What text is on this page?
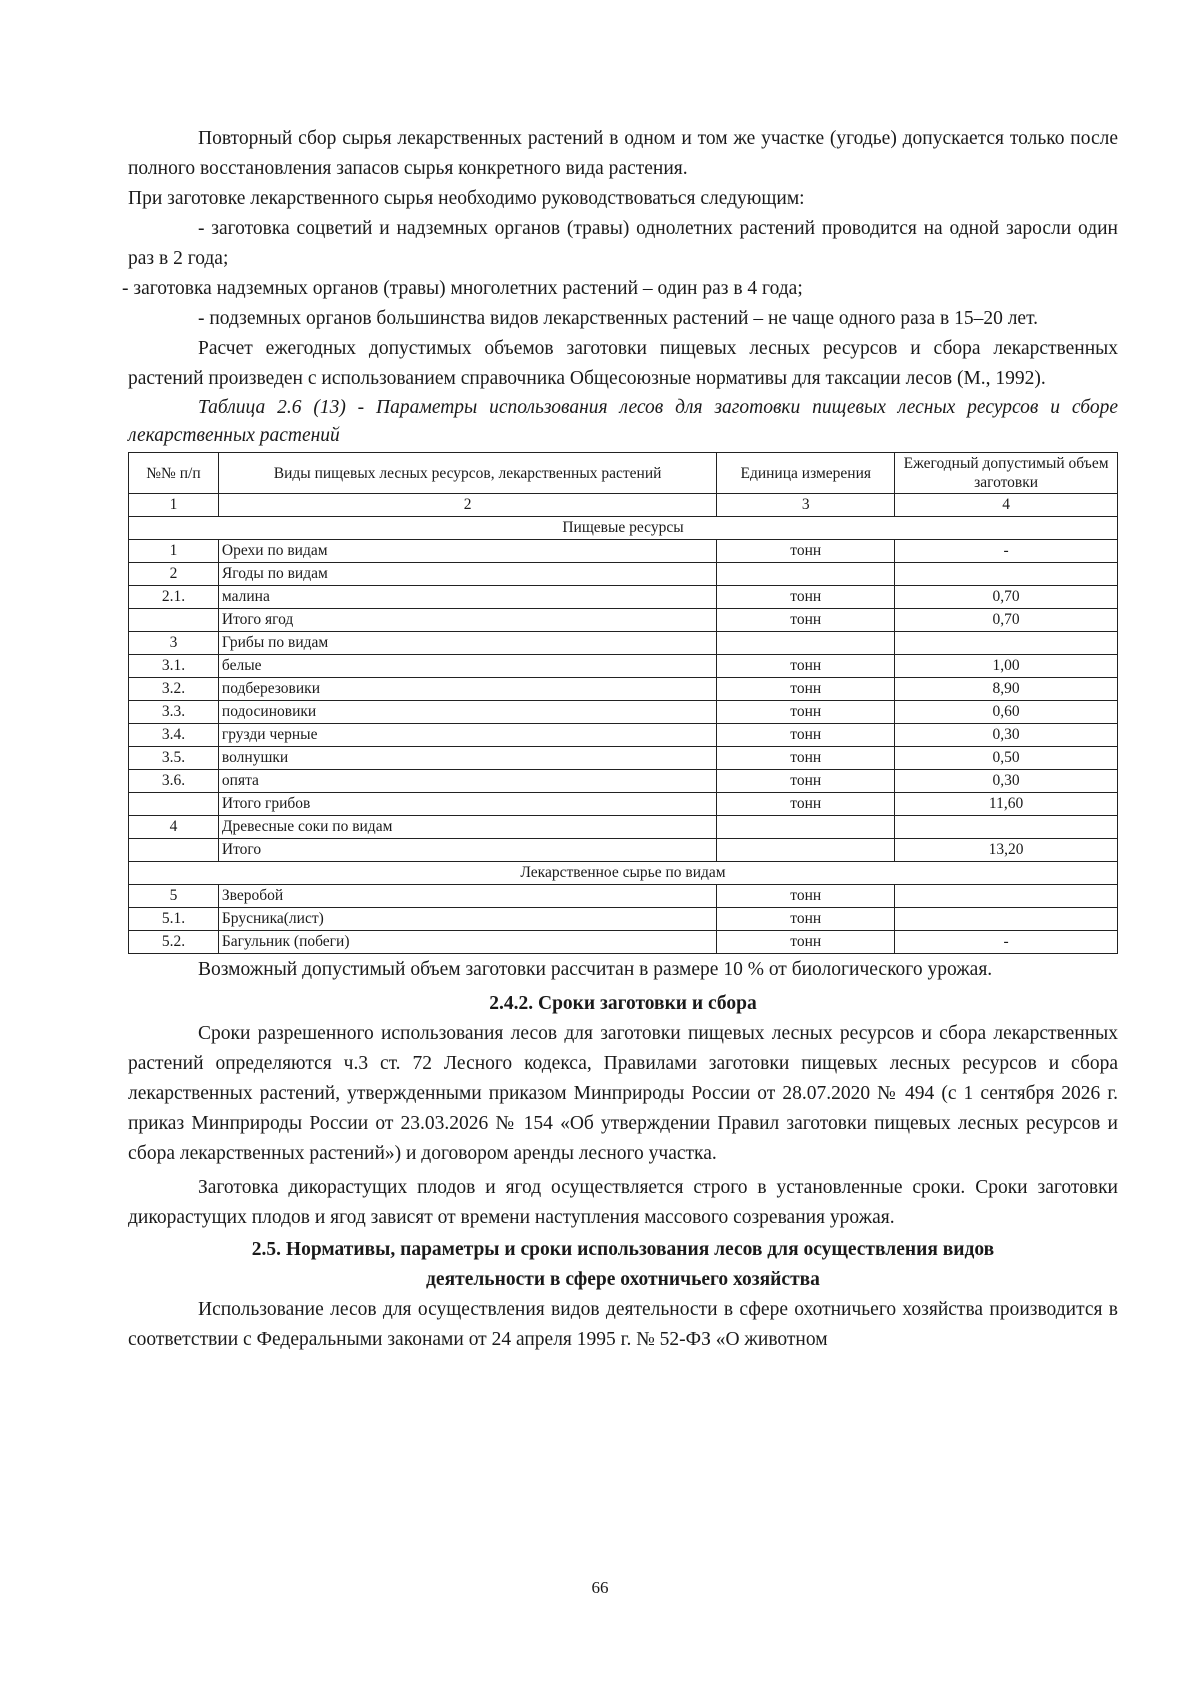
Повторный сбор сырья лекарственных растений в одном и том же участке (угодье) допускается только после полного восстановления запасов сырья конкретного вида растения.

При заготовке лекарственного сырья необходимо руководствоваться следующим:

- заготовка соцветий и надземных органов (травы) однолетних растений проводится на одной заросли один раз в 2 года;

- заготовка надземных органов (травы) многолетних растений – один раз в 4 года;

- подземных органов большинства видов лекарственных растений – не чаще одного раза в 15–20 лет.

Расчет ежегодных допустимых объемов заготовки пищевых лесных ресурсов и сбора лекарственных растений произведен с использованием справочника Общесоюзные нормативы для таксации лесов (М., 1992).

Таблица 2.6 (13) - Параметры использования лесов для заготовки пищевых лесных ресурсов и сборе лекарственных растений

№№ п/п	Виды пищевых лесных ресурсов, лекарственных растений	Единица измерения	Ежегодный допустимый объем заготовки
1	2	3	4
Пищевые ресурсы			
1	Орехи по видам	тонн	-
2	Ягоды по видам		
2.1.	малина	тонн	0,70
	Итого ягод	тонн	0,70
3	Грибы по видам		
3.1.	белые	тонн	1,00
3.2.	подберезовики	тонн	8,90
3.3.	подосиновики	тонн	0,60
3.4.	грузди черные	тонн	0,30
3.5.	волнушки	тонн	0,50
3.6.	опята	тонн	0,30
	Итого грибов	тонн	11,60
4	Древесные соки по видам		
	Итого		13,20
Лекарственное сырье по видам			
5	Зверобой	тонн	
5.1.	Брусника(лист)	тонн	
5.2.	Багульник (побеги)	тонн	-

Возможный допустимый объем заготовки рассчитан в размере 10 % от биологического урожая.

2.4.2. Сроки заготовки и сбора

Сроки разрешенного использования лесов для заготовки пищевых лесных ресурсов и сбора лекарственных растений определяются ч.3 ст. 72 Лесного кодекса, Правилами заготовки пищевых лесных ресурсов и сбора лекарственных растений, утвержденными приказом Минприроды России от 28.07.2020 № 494 (с 1 сентября 2026 г. приказ Минприроды России от 23.03.2026 № 154 «Об утверждении Правил заготовки пищевых лесных ресурсов и сбора лекарственных растений») и договором аренды лесного участка.

Заготовка дикорастущих плодов и ягод осуществляется строго в установленные сроки. Сроки заготовки дикорастущих плодов и ягод зависят от времени наступления массового созревания урожая.

2.5. Нормативы, параметры и сроки использования лесов для осуществления видов
деятельности в сфере охотничьего хозяйства

Использование лесов для осуществления видов деятельности в сфере охотничьего хозяйства производится в соответствии с Федеральными законами от 24 апреля 1995 г. № 52-ФЗ «О животном

66
